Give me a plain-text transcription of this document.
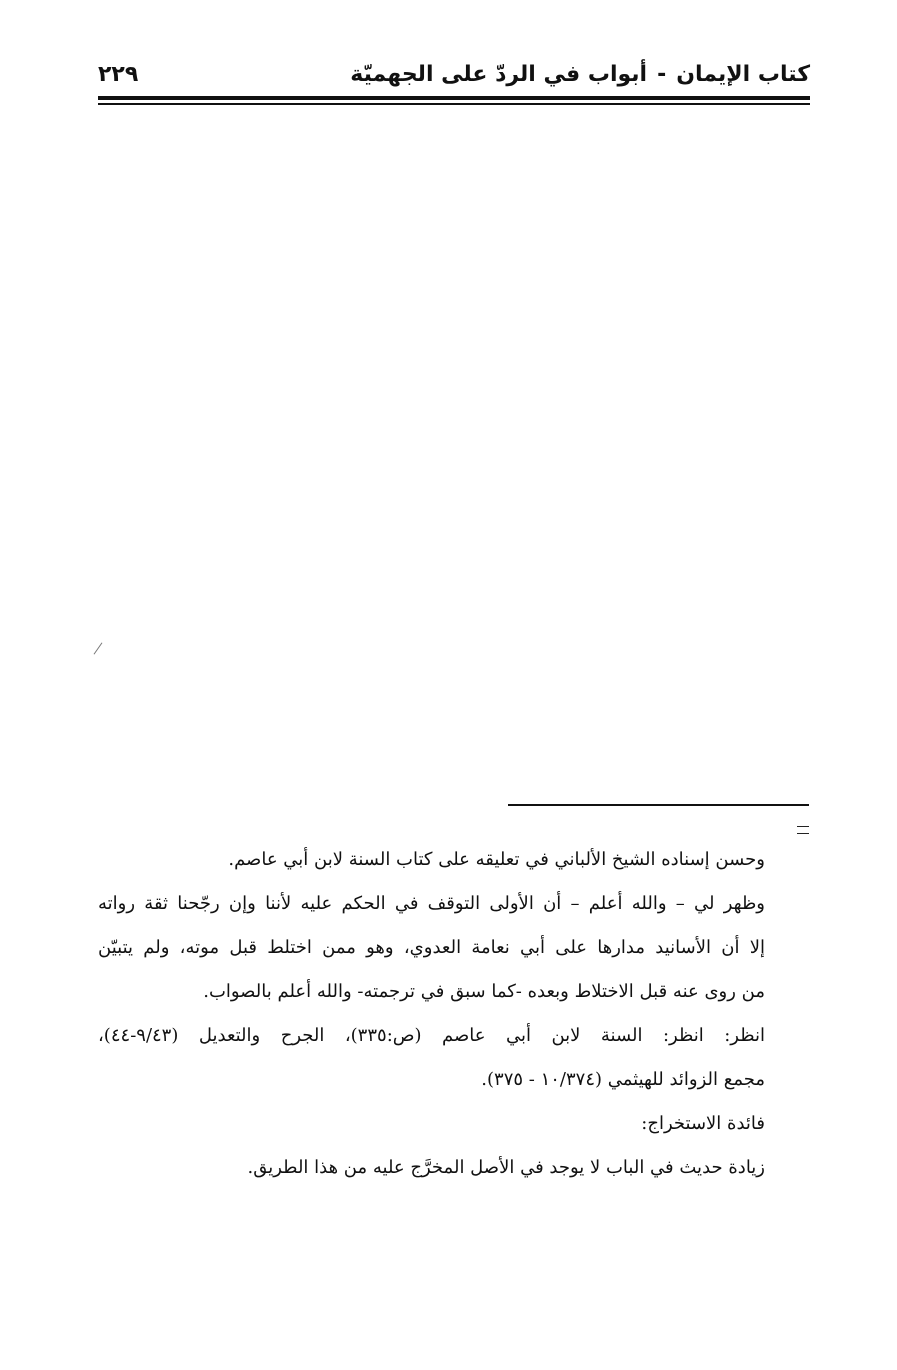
كتاب الإيمان-أبواب في الردّ على الجهميّة
٢٢٩
وحسن إسناده الشيخ الألباني في تعليقه على كتاب السنة لابن أبي عاصم.
وظهر لي – والله أعلم – أن الأولى التوقف في الحكم عليه لأننا وإن رجّحنا ثقة رواته
إلا أن الأسانيد مدارها على أبي نعامة العدوي، وهو ممن اختلط قبل موته، ولم يتبيّن
من روى عنه قبل الاختلاط وبعده -كما سبق في ترجمته- والله أعلم بالصواب.
انظر: انظر: السنة لابن أبي عاصم (ص:٣٣٥)، الجرح والتعديل (٩/٤٣-٤٤)،
مجمع الزوائد للهيثمي (١٠/٣٧٤ - ٣٧٥).
فائدة الاستخراج:
زيادة حديث في الباب لا يوجد في الأصل المخرَّج عليه من هذا الطريق.
